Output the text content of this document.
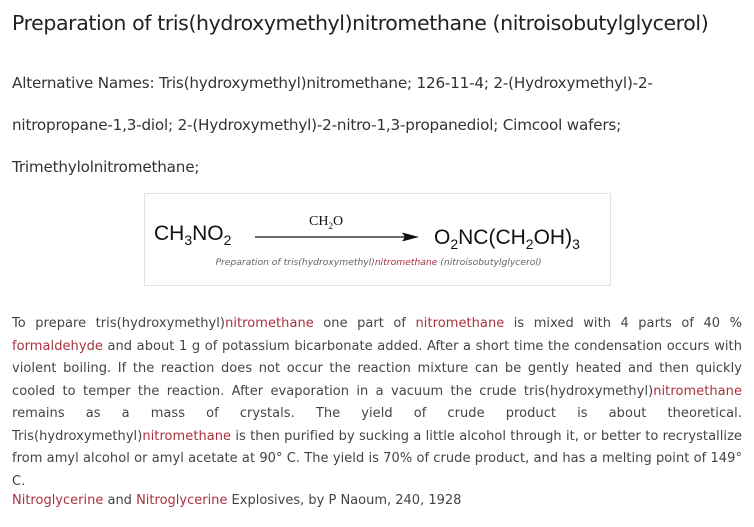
Preparation of tris(hydroxymethyl)nitromethane (nitroisobutylglycerol)
Alternative Names: Tris(hydroxymethyl)nitromethane; 126-11-4; 2-(Hydroxymethyl)-2-nitropropane-1,3-diol; 2-(Hydroxymethyl)-2-nitro-1,3-propanediol; Cimcool wafers; Trimethylolnitromethane;
$CH_3NO_2$
$CH_2O$
$O_2NC(CH_2OH)_3$
Preparation of tris(hydroxymethyl)nitromethane (nitroisobutylglycerol)

To prepare tris(hydroxymethyl)nitromethane one part of nitromethane is mixed with 4 parts of 40 % formaldehyde and about 1 g of potassium bicarbonate added. After a short time the condensation occurs with violent boiling. If the reaction does not occur the reaction mixture can be gently heated and then quickly cooled to temper the reaction. After evaporation in a vacuum the crude tris(hydroxymethyl)nitromethane remains as a mass of crystals. The yield of crude product is about theoretical. Tris(hydroxymethyl)nitromethane is then purified by sucking a little alcohol through it, or better to recrystallize from amyl alcohol or amyl acetate at 90° C. The yield is 70% of crude product, and has a melting point of 149° C.

Nitroglycerine and Nitroglycerine Explosives, by P Naoum, 240, 1928
